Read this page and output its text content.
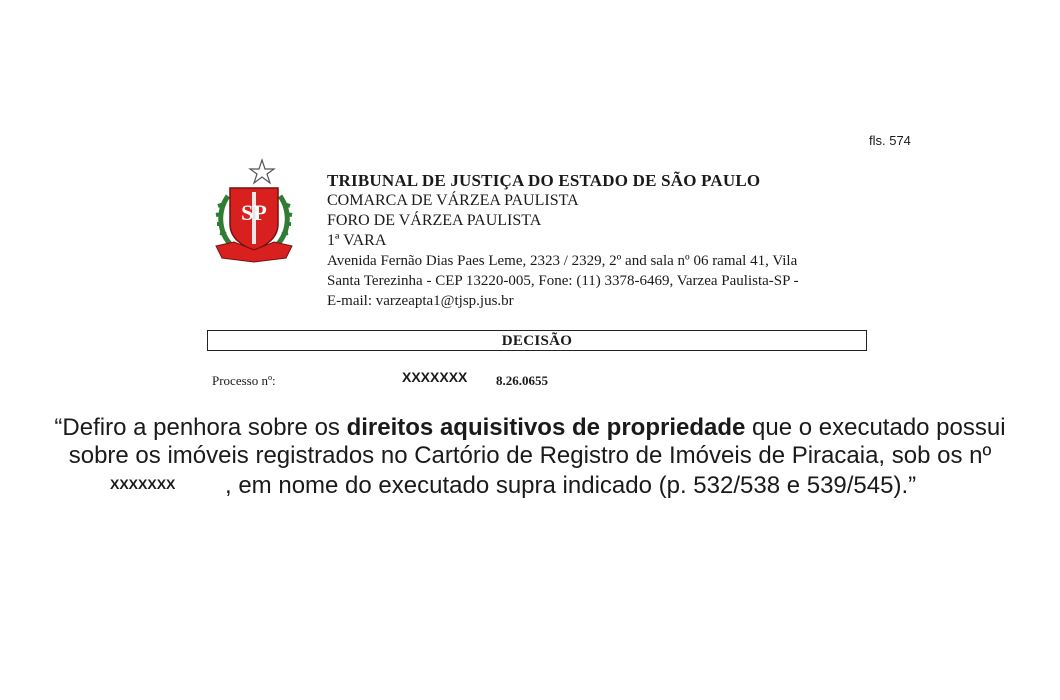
fls. 574
SP
TRIBUNAL DE JUSTIÇA DO ESTADO DE SÃO PAULO
COMARCA DE VÁRZEA PAULISTA
FORO DE VÁRZEA PAULISTA
1ª VARA
Avenida Fernão Dias Paes Leme, 2323 / 2329, 2º and sala nº 06 ramal 41, Vila
Santa Terezinha - CEP 13220-005, Fone: (11) 3378-6469, Varzea Paulista-SP -
E-mail: varzeapta1@tjsp.jus.br
DECISÃO
Processo nº:	XXXXXXX 8.26.0655
“Defiro a penhora sobre os direitos aquisitivos de propriedade que o executado possui
sobre os imóveis registrados no Cartório de Registro de Imóveis de Piracaia, sob os nº
XXXXXXX , em nome do executado supra indicado (p. 532/538 e 539/545).”
